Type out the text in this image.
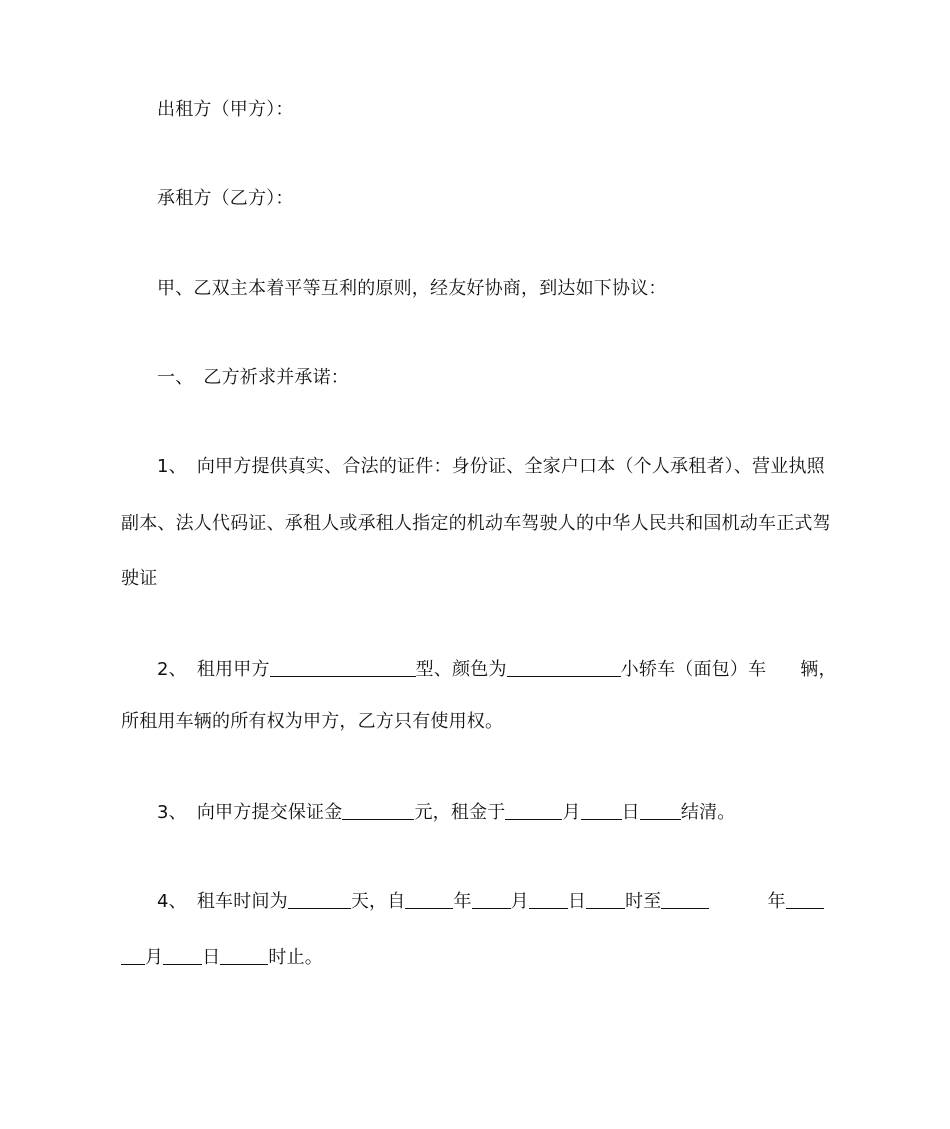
出租方（甲方）：
承租方（乙方）：
甲、乙双主本着平等互利的原则，经友好协商，到达如下协议：
一、 乙方祈求并承诺：
1、 向甲方提供真实、合法的证件：身份证、全家户口本（个人承租者）、营业执照
副本、法人代码证、承租人或承租人指定的机动车驾驶人的中华人民共和国机动车正式驾
驶证
2、 租用甲方	型、颜色为	小轿车（面包）车 辆，
所租用车辆的所有权为甲方，乙方只有使用权。
3、 向甲方提交保证金	元，租金于	月 日 结清。
4、 租车时间为	天，自	年 月 日 时至	年
月 日	时止。
